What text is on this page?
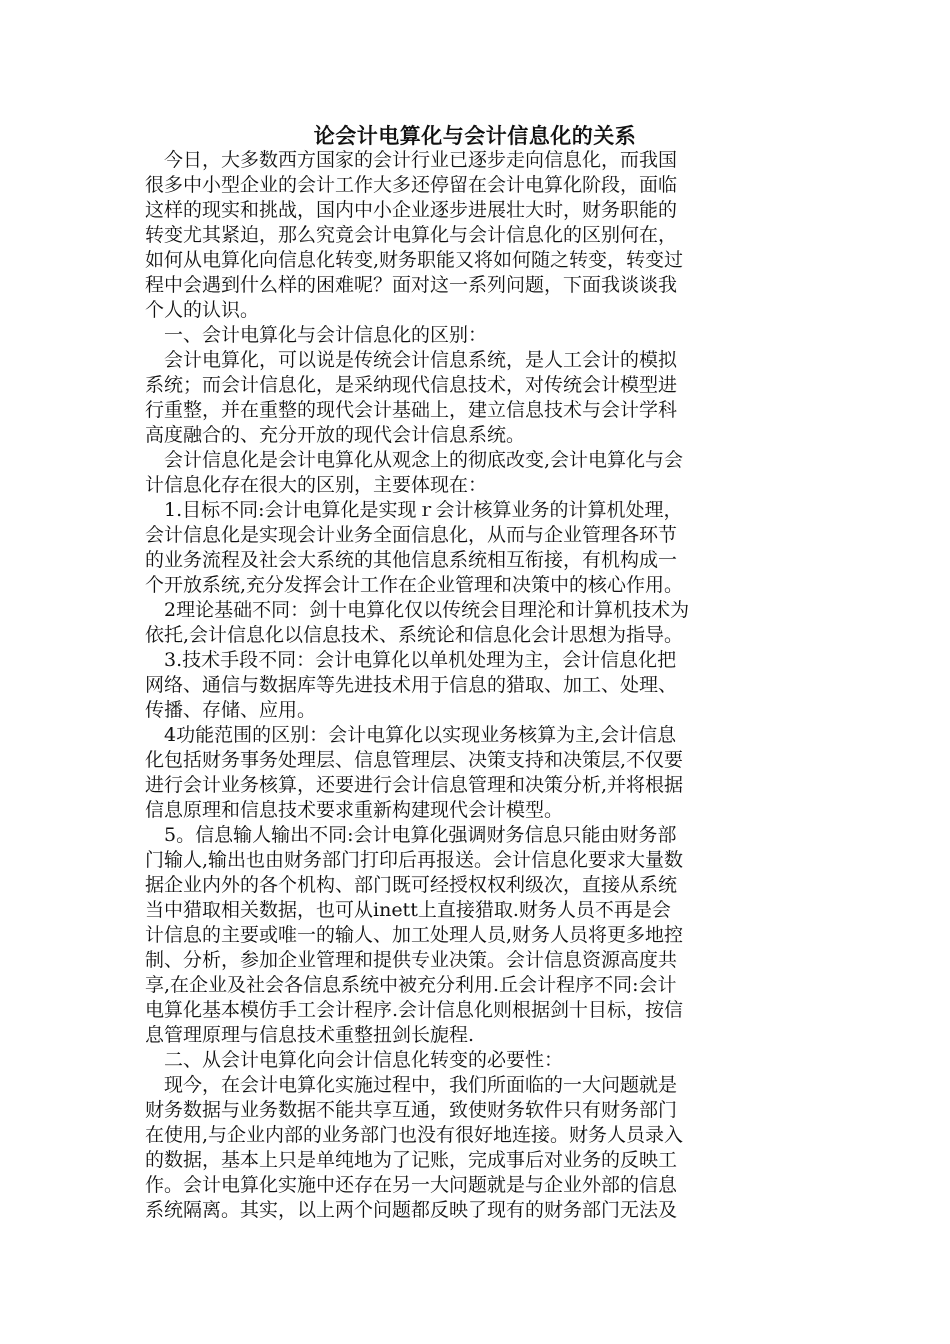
论会计电算化与会计信息化的关系
　今日，大多数西方国家的会计行业已逐步走向信息化，而我国
很多中小型企业的会计工作大多还停留在会计电算化阶段，面临
这样的现实和挑战，国内中小企业逐步进展壮大时，财务职能的
转变尤其紧迫，那么究竟会计电算化与会计信息化的区别何在，
如何从电算化向信息化转变,财务职能又将如何随之转变，转变过
程中会遇到什么样的困难呢？面对这一系列问题，下面我谈谈我
个人的认识。
　一、会计电算化与会计信息化的区别：
　会计电算化，可以说是传统会计信息系统，是人工会计的模拟
系统；而会计信息化，是采纳现代信息技术，对传统会计模型进
行重整，并在重整的现代会计基础上，建立信息技术与会计学科
高度融合的、充分开放的现代会计信息系统。
　会计信息化是会计电算化从观念上的彻底改变,会计电算化与会
计信息化存在很大的区别，主要体现在：
　1.目标不同:会计电算化是实现ｒ会计核算业务的计算机处理，
会计信息化是实现会计业务全面信息化，从而与企业管理各环节
的业务流程及社会大系统的其他信息系统相互衔接，有机构成一
个开放系统,充分发挥会计工作在企业管理和决策中的核心作用。
　2理论基础不同：剑十电算化仅以传统会目理沦和计算机技术为
依托,会计信息化以信息技术、系统论和信息化会计思想为指导。
　3.技术手段不同：会计电算化以单机处理为主，会计信息化把
网络、通信与数据库等先进技术用于信息的猎取、加工、处理、
传播、存储、应用。
　4功能范围的区别：会计电算化以实现业务核算为主,会计信息
化包括财务事务处理层、信息管理层、决策支持和决策层,不仅要
进行会计业务核算，还要进行会计信息管理和决策分析,并将根据
信息原理和信息技术要求重新构建现代会计模型。
　5。信息输人输出不同:会计电算化强调财务信息只能由财务部
门输人,输出也由财务部门打印后再报送。会计信息化要求大量数
据企业内外的各个机构、部门既可经授权权利级次，直接从系统
当中猎取相关数据，也可从inett上直接猎取.财务人员不再是会
计信息的主要或唯一的输人、加工处理人员,财务人员将更多地控
制、分析，参加企业管理和提供专业决策。会计信息资源高度共
享,在企业及社会各信息系统中被充分利用.丘会计程序不同:会计
电算化基本模仿手工会计程序.会计信息化则根据剑十目标，按信
息管理原理与信息技术重整扭剑长旎程.
　二、从会计电算化向会计信息化转变的必要性：
　现今，在会计电算化实施过程中，我们所面临的一大问题就是
财务数据与业务数据不能共享互通，致使财务软件只有财务部门
在使用,与企业内部的业务部门也没有很好地连接。财务人员录入
的数据，基本上只是单纯地为了记账，完成事后对业务的反映工
作。会计电算化实施中还存在另一大问题就是与企业外部的信息
系统隔离。其实，以上两个问题都反映了现有的财务部门无法及
